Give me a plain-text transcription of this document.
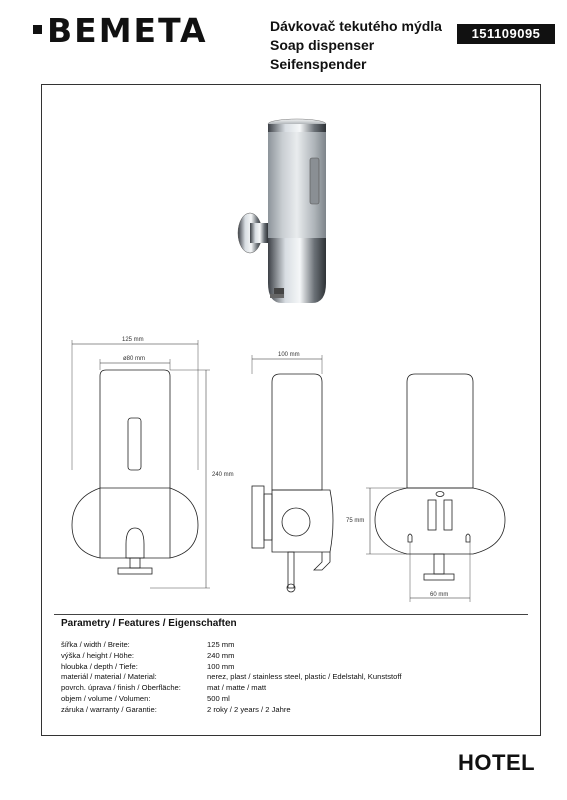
BEMETA	Dávkovač tekutého mýdla
Soap dispenser
Seifenspender
151109095
125 mm
ø80 mm
240 mm
100 mm
75 mm
60 mm
Parametry / Features / Eigenschaften
šířka / width / Breite:	125 mm
výška / height / Höhe:	240 mm
hloubka / depth / Tiefe:	100 mm
materiál / material / Material:	nerez, plast / stainless steel, plastic / Edelstahl, Kunststoff
povrch. úprava / finish / Oberfläche:	mat / matte / matt
objem / volume / Volumen:	500 ml
záruka / warranty / Garantie:	2 roky / 2 years / 2 Jahre
HOTEL
